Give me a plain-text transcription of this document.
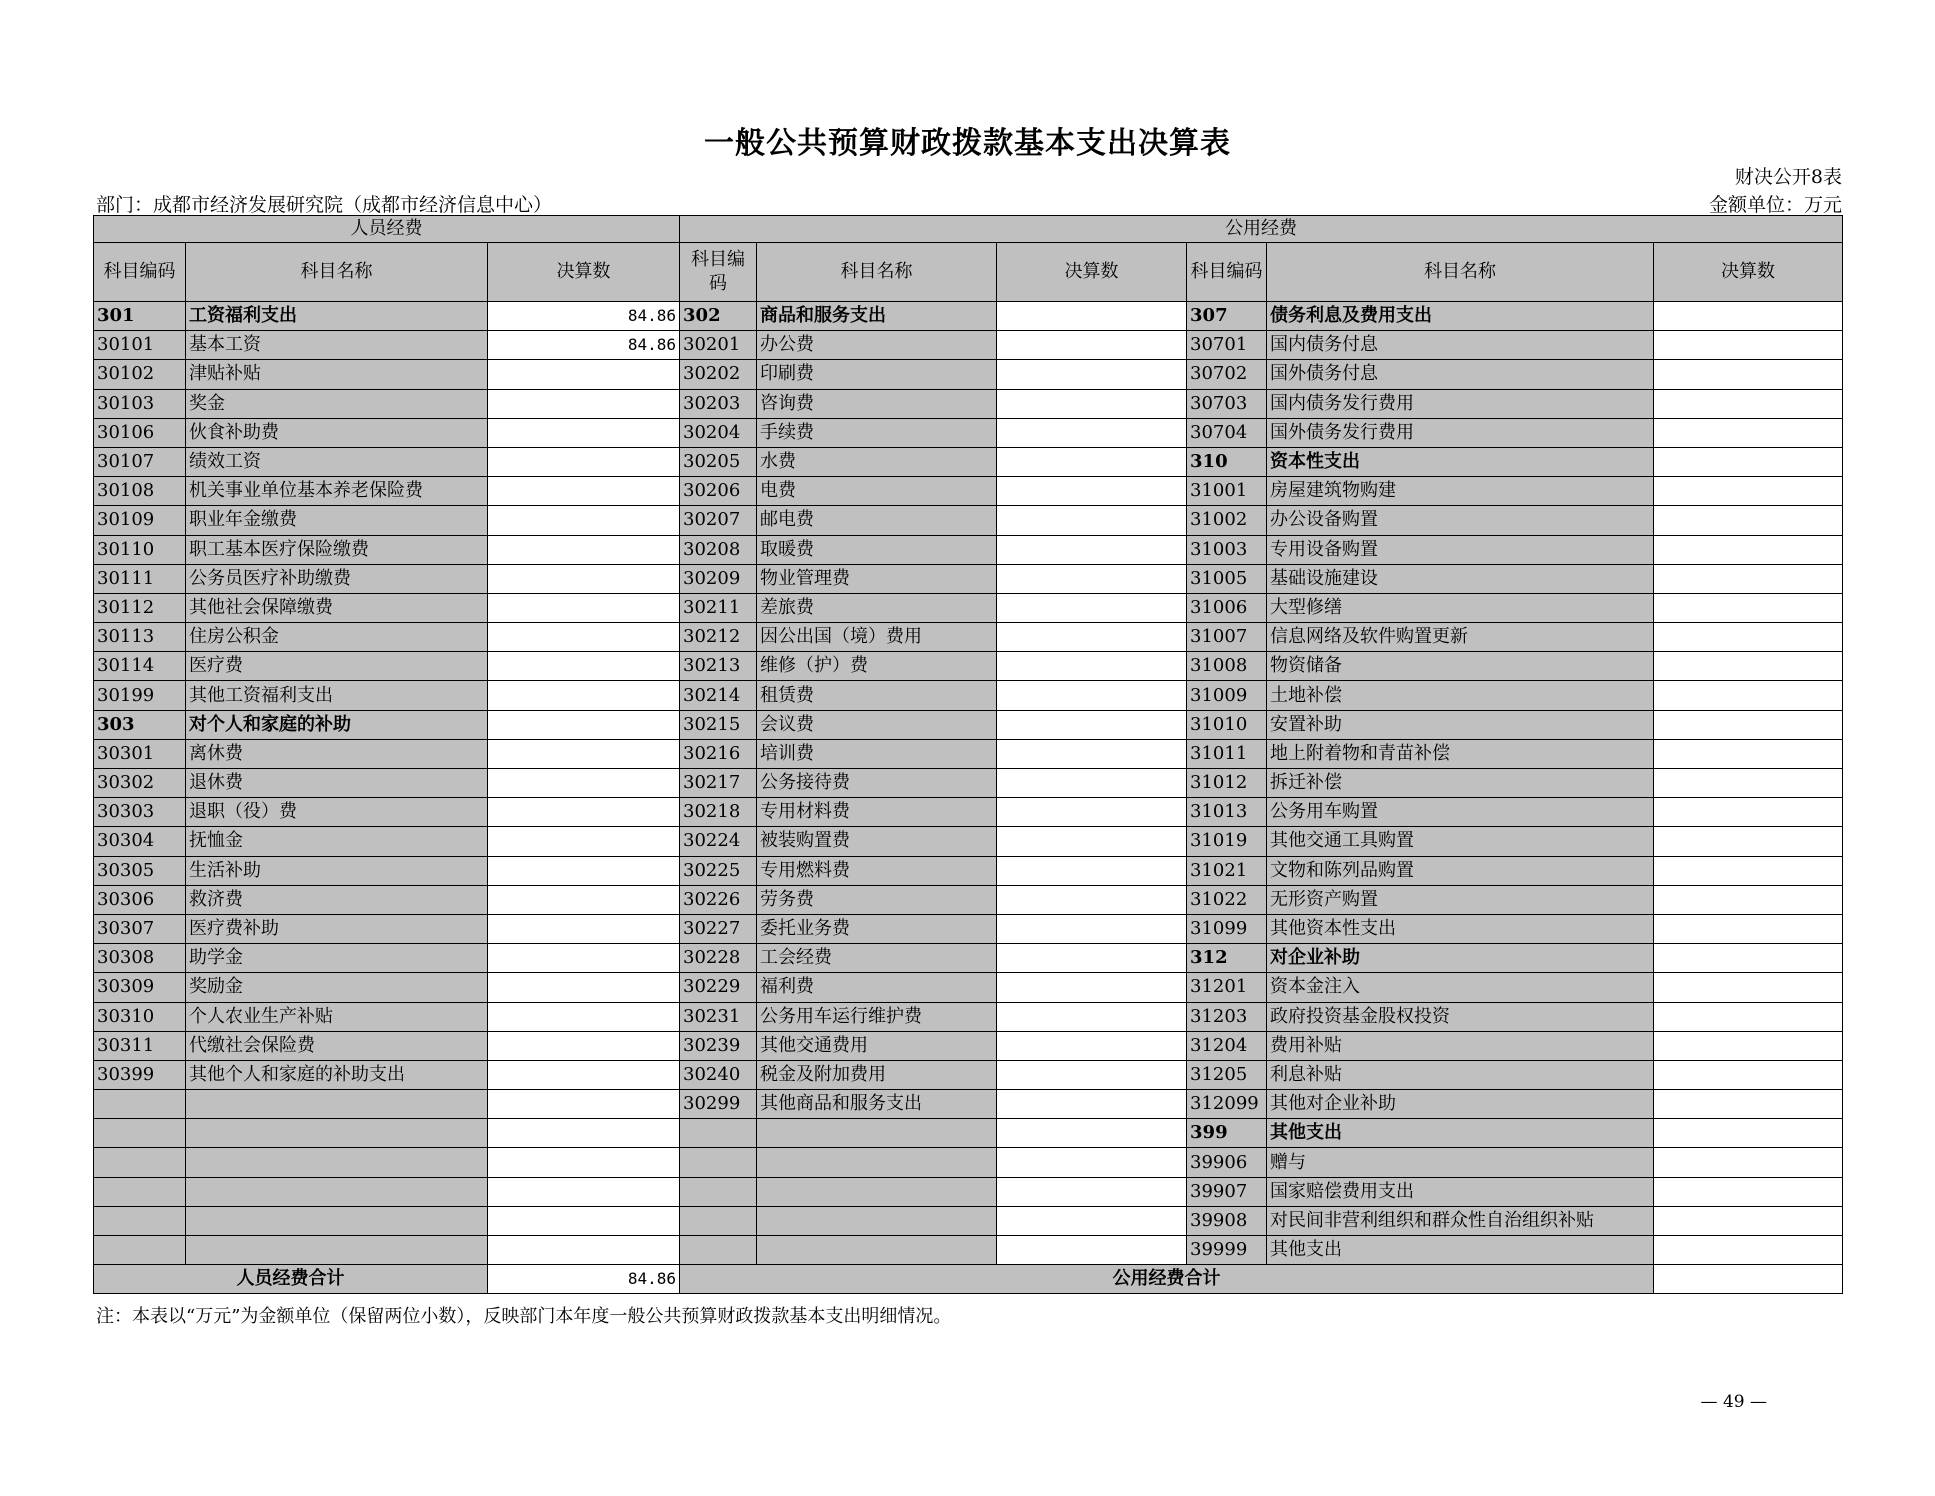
一般公共预算财政拨款基本支出决算表
财决公开8表
部门：成都市经济发展研究院（成都市经济信息中心）	金额单位：万元
人员经费			公用经费					
科目编码	科目名称	决算数	科目编码	科目名称	决算数	科目编码	科目名称	决算数
301	工资福利支出	84.86	302	商品和服务支出		307	债务利息及费用支出	
30101	基本工资	84.86	30201	办公费		30701	国内债务付息	
30102	津贴补贴		30202	印刷费		30702	国外债务付息	
30103	奖金		30203	咨询费		30703	国内债务发行费用	
30106	伙食补助费		30204	手续费		30704	国外债务发行费用	
30107	绩效工资		30205	水费		310	资本性支出	
30108	机关事业单位基本养老保险费		30206	电费		31001	房屋建筑物购建	
30109	职业年金缴费		30207	邮电费		31002	办公设备购置	
30110	职工基本医疗保险缴费		30208	取暖费		31003	专用设备购置	
30111	公务员医疗补助缴费		30209	物业管理费		31005	基础设施建设	
30112	其他社会保障缴费		30211	差旅费		31006	大型修缮	
30113	住房公积金		30212	因公出国（境）费用		31007	信息网络及软件购置更新	
30114	医疗费		30213	维修（护）费		31008	物资储备	
30199	其他工资福利支出		30214	租赁费		31009	土地补偿	
303	对个人和家庭的补助		30215	会议费		31010	安置补助	
30301	离休费		30216	培训费		31011	地上附着物和青苗补偿	
30302	退休费		30217	公务接待费		31012	拆迁补偿	
30303	退职（役）费		30218	专用材料费		31013	公务用车购置	
30304	抚恤金		30224	被装购置费		31019	其他交通工具购置	
30305	生活补助		30225	专用燃料费		31021	文物和陈列品购置	
30306	救济费		30226	劳务费		31022	无形资产购置	
30307	医疗费补助		30227	委托业务费		31099	其他资本性支出	
30308	助学金		30228	工会经费		312	对企业补助	
30309	奖励金		30229	福利费		31201	资本金注入	
30310	个人农业生产补贴		30231	公务用车运行维护费		31203	政府投资基金股权投资	
30311	代缴社会保险费		30239	其他交通费用		31204	费用补贴	
30399	其他个人和家庭的补助支出		30240	税金及附加费用		31205	利息补贴	
			30299	其他商品和服务支出		312099	其他对企业补助	
						399	其他支出	
						39906	赠与	
						39907	国家赔偿费用支出	
						39908	对民间非营利组织和群众性自治组织补贴	
						39999	其他支出	
人员经费合计		84.86	公用经费合计					
注：本表以“万元”为金额单位（保留两位小数），反映部门本年度一般公共预算财政拨款基本支出明细情况。
— 49 —
